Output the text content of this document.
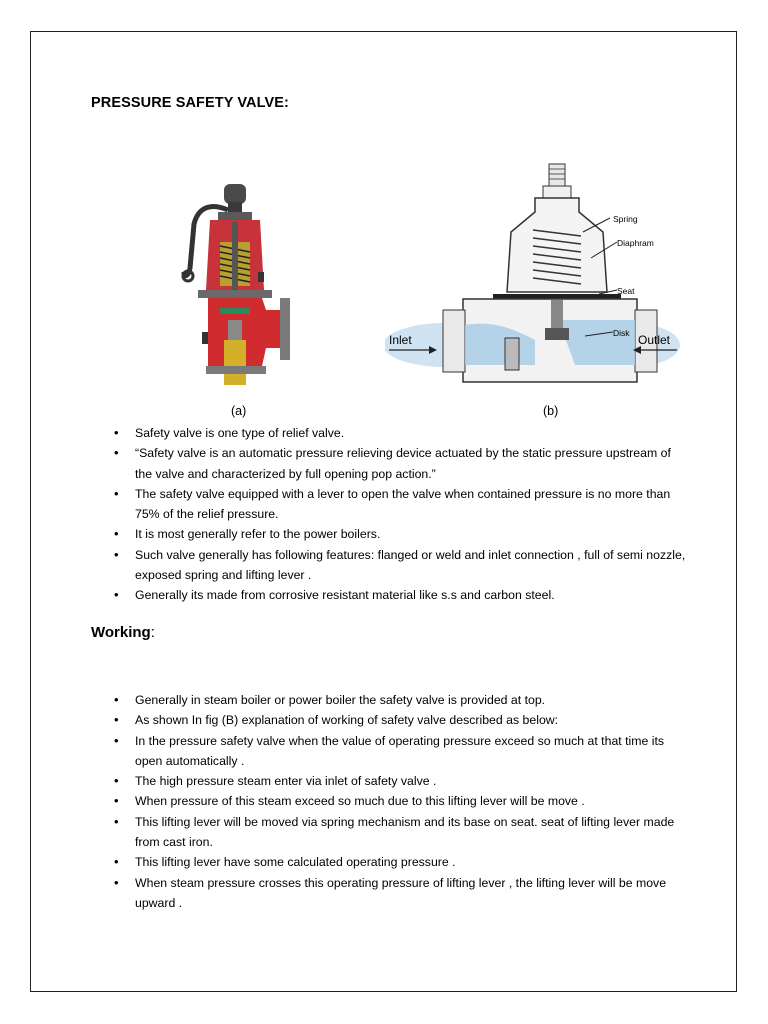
PRESSURE SAFETY VALVE:
Spring
Diaphram
Seat
Disk
Inlet	Outlet
(a)	(b)
• Safety valve is one type of relief valve.
• “Safety valve is an automatic pressure relieving device actuated by the static pressure upstream of the valve and characterized by full opening pop action.”
• The safety valve equipped with a lever to open the valve when contained pressure is no more than 75% of the relief pressure.
• It is most generally refer to the power boilers.
• Such valve generally has following features: flanged or weld and inlet connection , full of semi nozzle, exposed spring and lifting lever .
• Generally its made from corrosive resistant material like s.s and carbon steel.
Working:
• Generally in steam boiler or power boiler the safety valve is provided at top.
• As shown In fig (B) explanation of working of safety valve described as below:
• In the pressure safety valve when the value of operating pressure exceed so much at that time its open automatically .
• The high pressure steam enter via inlet of safety valve .
• When pressure of this steam exceed so much due to this lifting lever will be move .
• This lifting lever will be moved via spring mechanism and its base on seat. seat of lifting lever made from cast iron.
• This lifting lever have some calculated operating pressure .
• When steam pressure crosses this operating pressure of lifting lever , the lifting lever will be move upward .
